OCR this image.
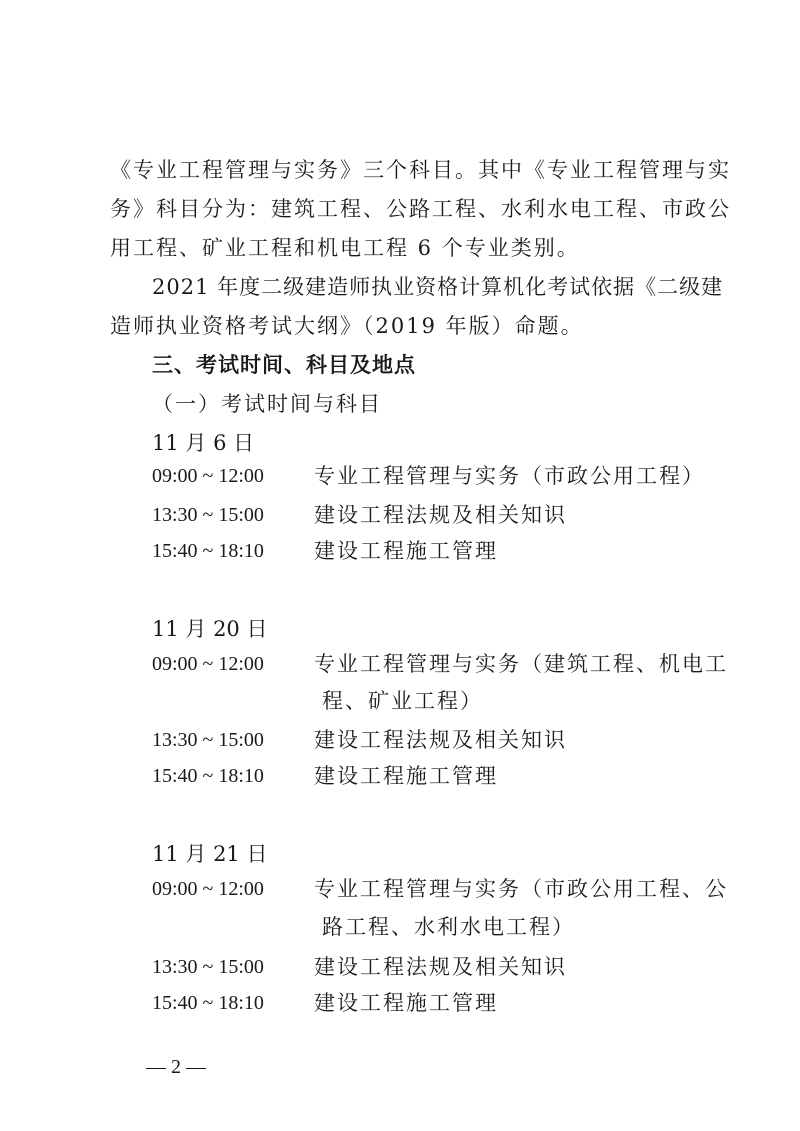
《专业工程管理与实务》三个科目。其中《专业工程管理与实
务》科目分为：建筑工程、公路工程、水利水电工程、市政公
用工程、矿业工程和机电工程 6 个专业类别。
2021 年度二级建造师执业资格计算机化考试依据《二级建
造师执业资格考试大纲》（2019 年版）命题。
三、考试时间、科目及地点
（一）考试时间与科目
11 月 6 日
09:00 ~ 12:00 专业工程管理与实务（市政公用工程）
13:30 ~ 15:00 建设工程法规及相关知识
15:40 ~ 18:10 建设工程施工管理
11 月 20 日
09:00 ~ 12:00 专业工程管理与实务（建筑工程、机电工
程、矿业工程）
13:30 ~ 15:00 建设工程法规及相关知识
15:40 ~ 18:10 建设工程施工管理
11 月 21 日
09:00 ~ 12:00 专业工程管理与实务（市政公用工程、公
路工程、水利水电工程）
13:30 ~ 15:00 建设工程法规及相关知识
15:40 ~ 18:10 建设工程施工管理
— 2 —
